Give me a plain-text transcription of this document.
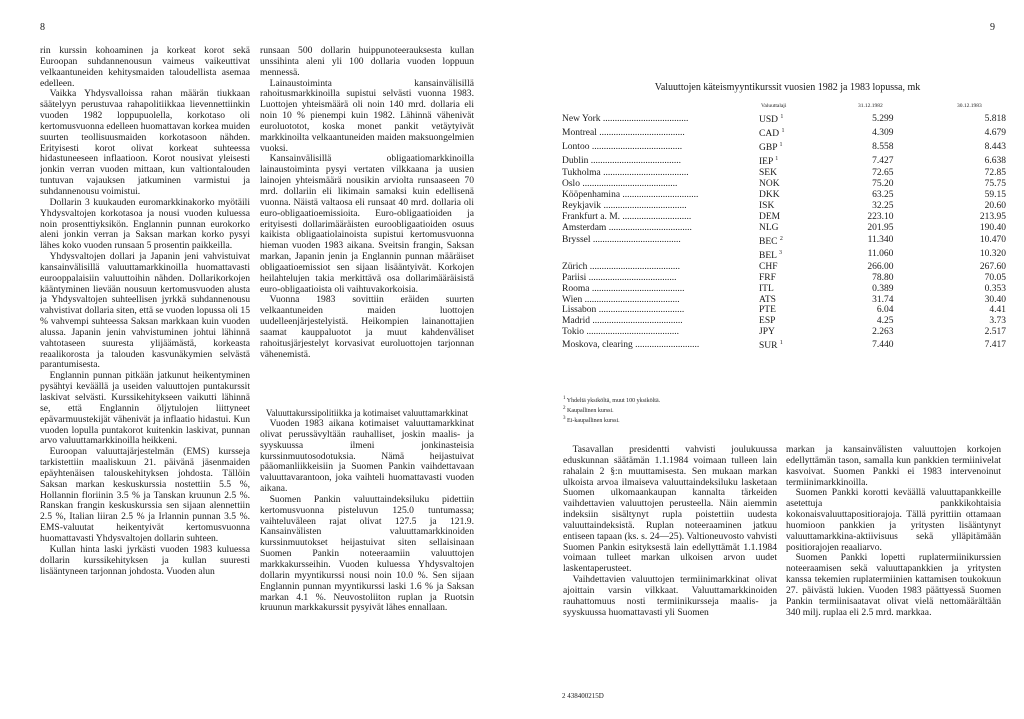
8	9

rin kurssin kohoaminen ja korkeat korot sekä Euroopan suhdannenousun vaimeus vaikeuttivat velkaantuneiden kehitysmaiden taloudellista asemaa edelleen.

Vaikka Yhdysvalloissa rahan määrän tiukkaan säätelyyn perustuvaa rahapolitiikkaa lievennettiinkin vuoden 1982 loppupuolella, korkotaso oli kertomusvuonna edelleen huomattavan korkea muiden suurten teollisuusmaiden korkotasoon nähden. Erityisesti korot olivat korkeat suhteessa hidastuneeseen inflaatioon. Korot nousivat yleisesti jonkin verran vuoden mittaan, kun valtiontalouden tuntuvan vajauksen jatkuminen varmistui ja suhdannenousu voimistui.

Dollarin 3 kuukauden euromarkkinakorko myötäili Yhdysvaltojen korkotasoa ja nousi vuoden kuluessa noin prosenttiyksikön. Englannin punnan eurokorko aleni jonkin verran ja Saksan markan korko pysyi lähes koko vuoden runsaan 5 prosentin paikkeilla.

Yhdysvaltojen dollari ja Japanin jeni vahvistuivat kansainvälisillä valuuttamarkkinoilla huomattavasti eurooppalaisiin valuuttoihin nähden. Dollarikorkojen kääntyminen lievään nousuun kertomusvuoden alusta ja Yhdysvaltojen suhteellisen jyrkkä suhdannenousu vahvistivat dollaria siten, että se vuoden lopussa oli 15 % vahvempi suhteessa Saksan markkaan kuin vuoden alussa. Japanin jenin vahvistuminen johtui lähinnä vahtotaseen suuresta ylijäämästä, korkeasta reaalikorosta ja talouden kasvunäkymien selvästä parantumisesta.

Englannin punnan pitkään jatkunut heikentyminen pysähtyi keväällä ja useiden valuuttojen puntakurssit laskivat selvästi. Kurssikehitykseen vaikutti lähinnä se, että Englannin öljytulojen liittyneet epävarmuustekijät vähenivät ja inflaatio hidastui. Kun vuoden lopulla puntakorot kuitenkin laskivat, punnan arvo valuuttamarkkinoilla heikkeni.

Euroopan valuuttajärjestelmän (EMS) kursseja tarkistettiin maaliskuun 21. päivänä jäsenmaiden epäyhtenäisen talouskehityksen johdosta. Tällöin Saksan markan keskuskurssia nostettiin 5.5 %, Hollannin floriinin 3.5 % ja Tanskan kruunun 2.5 %. Ranskan frangin keskuskurssia sen sijaan alennettiin 2.5 %, Italian liiran 2.5 % ja Irlannin punnan 3.5 %. EMS-valuutat heikentyivät kertomusvuonna huomattavasti Yhdysvaltojen dollarin suhteen.

Kullan hinta laski jyrkästi vuoden 1983 kuluessa dollarin kurssikehityksen ja kullan suuresti lisääntyneen tarjonnan johdosta. Vuoden alun

runsaan 500 dollarin huippunoteerauksesta kullan unssihinta aleni yli 100 dollaria vuoden loppuun mennessä.

Lainaustoiminta kansainvälisillä rahoitusmarkkinoilla supistui selvästi vuonna 1983. Luottojen yhteismäärä oli noin 140 mrd. dollaria eli noin 10 % pienempi kuin 1982. Lähinnä vähenivät euroluototot, koska monet pankit vetäytyivät markkinoilta velkaantuneiden maiden maksuongelmien vuoksi.

Kansainvälisillä obligaatiomarkkinoilla lainaustoiminta pysyi vertaten vilkkaana ja uusien lainojen yhteismäärä nousikin arviolta runsaaseen 70 mrd. dollariin eli likimain samaksi kuin edellisenä vuonna. Näistä valtaosa eli runsaat 40 mrd. dollaria oli euro-obligaatioemissioita. Euro-obligaatioiden ja erityisesti dollarimääräisten euroobligaatioiden osuus kaikista obligaatiolainoista supistui kertomusvuonna hieman vuoden 1983 aikana. Sveitsin frangin, Saksan markan, Japanin jenin ja Englannin punnan määräiset obligaatioemissiot sen sijaan lisääntyivät. Korkojen heilahtelujen takia merkittävä osa dollarimääräisistä euro-obligaatioista oli vaihtuvakorkoisia.

Vuonna 1983 sovittiin eräiden suurten velkaantuneiden maiden luottojen uudelleenjärjestelyistä. Heikompien lainanottajien saamat kauppaluotot ja muut kahdenväliset rahoitusjärjestelyt korvasivat euroluottojen tarjonnan vähenemistä.

Valuuttakurssipolitiikka ja kotimaiset valuuttamarkkinat

Vuoden 1983 aikana kotimaiset valuuttamarkkinat olivat perussävyltään rauhalliset, joskin maalis- ja syyskuussa ilmeni jonkinasteisia kurssinmuutosodotuksia. Nämä heijastuivat pääomanliikkeisiin ja Suomen Pankin vaihdettavaan valuuttavarantoon, joka vaihteli huomattavasti vuoden aikana.

Suomen Pankin valuuttaindeksiluku pidettiin kertomusvuonna pisteluvun 125.0 tuntumassa; vaihteluväleen rajat olivat 127.5 ja 121.9. Kansainvälisten valuuttamarkkinoiden kurssinmuutokset heijastuivat siten sellaisinaan Suomen Pankin noteeraamiin valuuttojen markkakursseihin. Vuoden kuluessa Yhdysvaltojen dollarin myyntikurssi nousi noin 10.0 %. Sen sijaan Englannin punnan myyntikurssi laski 1.6 % ja Saksan markan 4.1 %. Neuvostoliiton ruplan ja Ruotsin kruunun markkakurssit pysyivät lähes ennallaan.

Valuuttojen käteismyyntikurssit vuosien 1982 ja 1983 lopussa, mk
Valuuttalaji	31.12.1982	30.12.1983
New York ....................................	USD $^1$	5.299	5.818
Montreal ....................................	CAD $^1$	4.309	4.679
Lontoo ......................................	GBP $^1$	8.558	8.443
Dublin ......................................	IEP $^1$	7.427	6.638
Tukholma ....................................	SEK	72.65	72.85
Oslo ........................................	NOK	75.20	75.75
Kööpenhamina ................................	DKK	63.25	59.15
Reykjavik ...................................	ISK	32.25	20.60
Frankfurt a. M. .............................	DEM	223.10	213.95
Amsterdam ...................................	NLG	201.95	190.40
Bryssel .....................................	BEC $^2$	11.340	10.470
	BEL $^3$	11.060	10.320
Zürich ......................................	CHF	266.00	267.60
Pariisi .....................................	FRF	78.80	70.05
Rooma .......................................	ITL	0.389	0.353
Wien ........................................	ATS	31.74	30.40
Lissabon ....................................	PTE	6.04	4.41
Madrid ......................................	ESP	4.25	3.73
Tokio .......................................	JPY	2.263	2.517
Moskova, clearing ...........................	SUR $^1$	7.440	7.417
$^1$ Yhdeltä yksiköltä, muut 100 yksiköltä.
$^2$ Kaupallinen kurssi.
$^3$ Ei-kaupallinen kurssi.

Tasavallan presidentti vahvisti joulukuussa eduskunnan säätämän 1.1.1984 voimaan tulleen lain rahalain 2 §:n muuttamisesta. Sen mukaan markan ulkoista arvoa ilmaiseva valuuttaindeksiluku lasketaan Suomen ulkomaankaupan kannalta tärkeiden vaihdettavien valuuttojen perusteella. Näin aiemmin indeksiin sisältynyt rupla poistettiin uudesta valuuttaindeksistä. Ruplan noteeraaminen jatkuu entiseen tapaan (ks. s. 24—25). Valtioneuvosto vahvisti Suomen Pankin esityksestä lain edellyttämät 1.1.1984 voimaan tulleet markan ulkoisen arvon uudet laskentaperusteet.

Vaihdettavien valuuttojen termiinimarkkinat olivat ajoittain varsin vilkkaat. Valuuttamarkkinoiden rauhattomuus nosti termiinikursseja maalis- ja syyskuussa huomattavasti yli Suomen

markan ja kansainvälisten valuuttojen korkojen edellyttämän tason, samalla kun pankkien termiinivelat kasvoivat. Suomen Pankki ei 1983 intervenoinut termiinimarkkinoilla.

Suomen Pankki korotti keväällä valuuttapankkeille asetettuja pankkikohtaisia kokonaisvaluuttapositiorajoja. Tällä pyrittiin ottamaan huomioon pankkien ja yritysten lisääntynyt valuuttamarkkina-aktiivisuus sekä ylläpitämään positiorajojen reaaliarvo.

Suomen Pankki lopetti ruplatermiinikurssien noteeraamisen sekä valuuttapankkien ja yritysten kanssa tekemien ruplatermiinien kattamisen toukokuun 27. päivästä lukien. Vuoden 1983 päättyessä Suomen Pankin termiinisaatavat olivat vielä nettomäärältään 340 milj. ruplaa eli 2.5 mrd. markkaa.

2 438400215D
